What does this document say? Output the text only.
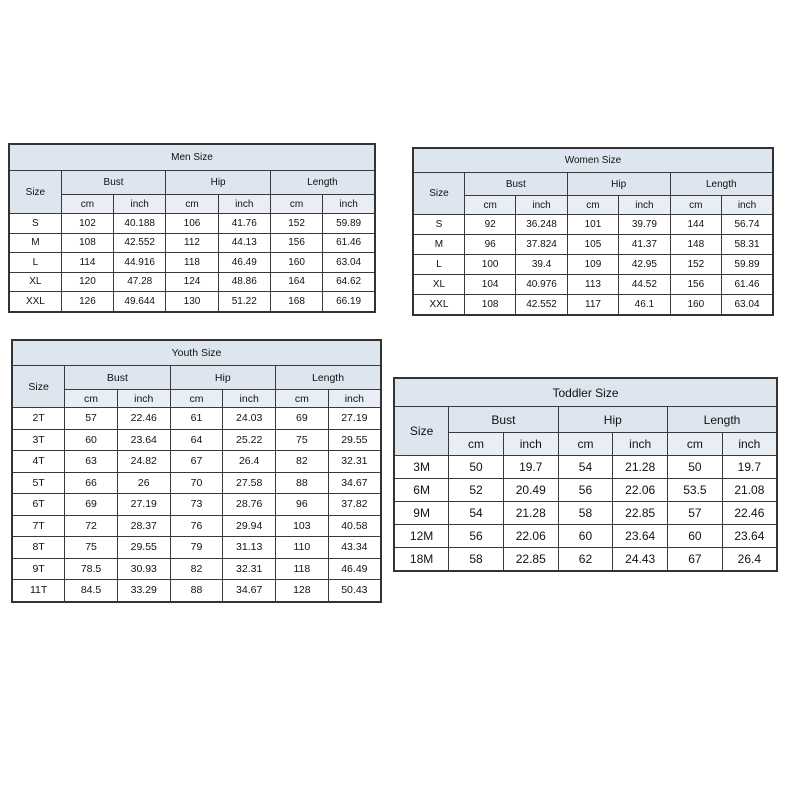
Men Size						
Size	Bust		Hip		Length	
	cm	inch	cm	inch	cm	inch
S	102	40.188	106	41.76	152	59.89
M	108	42.552	112	44.13	156	61.46
L	114	44.916	118	46.49	160	63.04
XL	120	47.28	124	48.86	164	64.62
XXL	126	49.644	130	51.22	168	66.19
Women Size						
Size	Bust		Hip		Length	
	cm	inch	cm	inch	cm	inch
S	92	36.248	101	39.79	144	56.74
M	96	37.824	105	41.37	148	58.31
L	100	39.4	109	42.95	152	59.89
XL	104	40.976	113	44.52	156	61.46
XXL	108	42.552	117	46.1	160	63.04
Youth Size						
Size	Bust		Hip		Length	
	cm	inch	cm	inch	cm	inch
2T	57	22.46	61	24.03	69	27.19
3T	60	23.64	64	25.22	75	29.55
4T	63	24.82	67	26.4	82	32.31
5T	66	26	70	27.58	88	34.67
6T	69	27.19	73	28.76	96	37.82
7T	72	28.37	76	29.94	103	40.58
8T	75	29.55	79	31.13	110	43.34
9T	78.5	30.93	82	32.31	118	46.49
11T	84.5	33.29	88	34.67	128	50.43
Toddler Size						
Size	Bust		Hip		Length	
	cm	inch	cm	inch	cm	inch
3M	50	19.7	54	21.28	50	19.7
6M	52	20.49	56	22.06	53.5	21.08
9M	54	21.28	58	22.85	57	22.46
12M	56	22.06	60	23.64	60	23.64
18M	58	22.85	62	24.43	67	26.4
